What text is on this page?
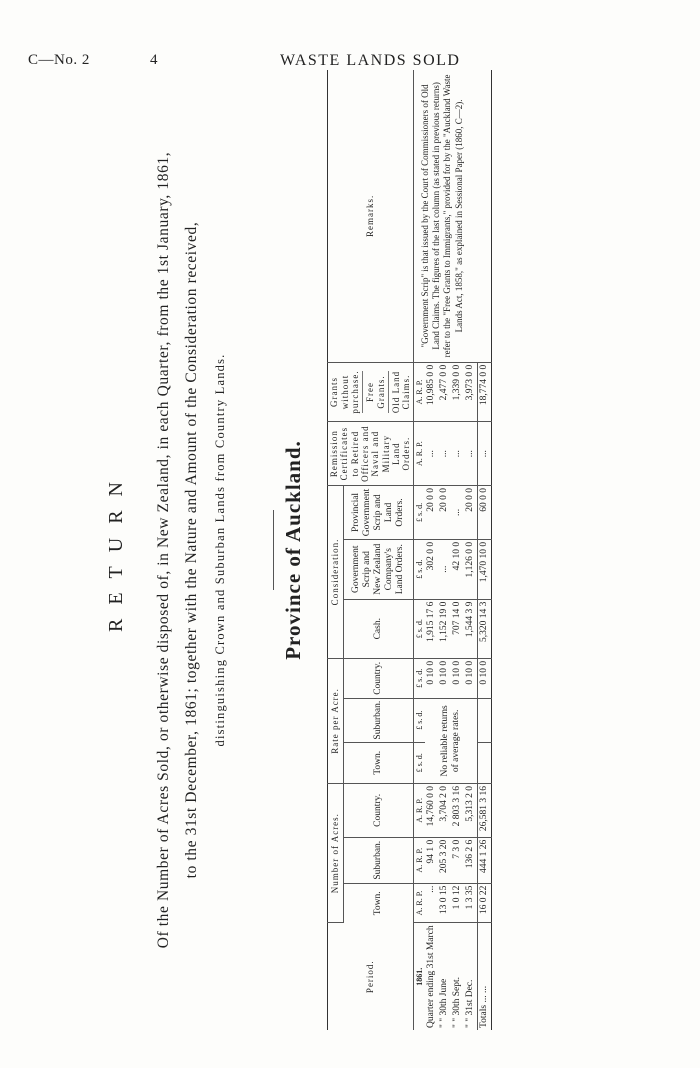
C—No. 2	4	WASTE LANDS SOLD
RETURN Of the Number of Acres Sold, or otherwise disposed of, in New Zealand, in each Quarter, from the 1st January, 1861, to the 31st December, 1861; together with the Nature and Amount of the Consideration received, distinguishing Crown and Suburban Lands from Country Lands.	Province of Auckland.
Period.	Number of Acres.			Rate per Acre.			Consideration.			Remission Certificates to Retired Officers and Naval and Military Land Orders.	Grants without purchase. Free Grants. Old Land Claims.	Remarks.
	Town.	Suburban.	Country.	Town.	Suburban.	Country.	Cash.	Government Scrip and New Zealand Company's Land Orders.	Provincial Government Scrip and Land Orders.			
1861.	A. R. P.	A. R. P.	A. R. P.	£ s. d.	£ s. d.	£ s. d.	£ s. d.	£ s. d.	£ s. d.	A. R. P.	A. R. P.	"Government Scrip" is that issued by the Court of Commissioners of Old Land Claims. The figures of the last column (as stated in previous returns) refer to the "Free Grants to Immigrants," provided for by the "Auckland Waste Lands Act, 1858," as explained in Sessional Paper (1860, C—2).
Quarter ending 31st March	...	94 1 0	14,760 0 0	No reliable returns of average rates.		0 10 0	1,915 17 6	302 0 0	20 0 0	...	10,985 0 0	
" " 30th June	13 0 15	205 3 20	3,704 2 0			0 10 0	1,152 19 0	...	20 0 0	...	2,477 0 0	
" " 30th Sept.	1 0 12	7 3 0	2 803 3 16			0 10 0	707 14 0	42 10 0	...	...	1,339 0 0	
" " 31st Dec.	1 3 35	136 2 6	5,313 2 0			0 10 0	1,544 3 9	1,126 0 0	20 0 0	...	3,973 0 0	
Totals ... ...	16 0 22	444 1 26	26,581 3 16			0 10 0	5,320 14 3	1,470 10 0	60 0 0	...	18,774 0 0	
